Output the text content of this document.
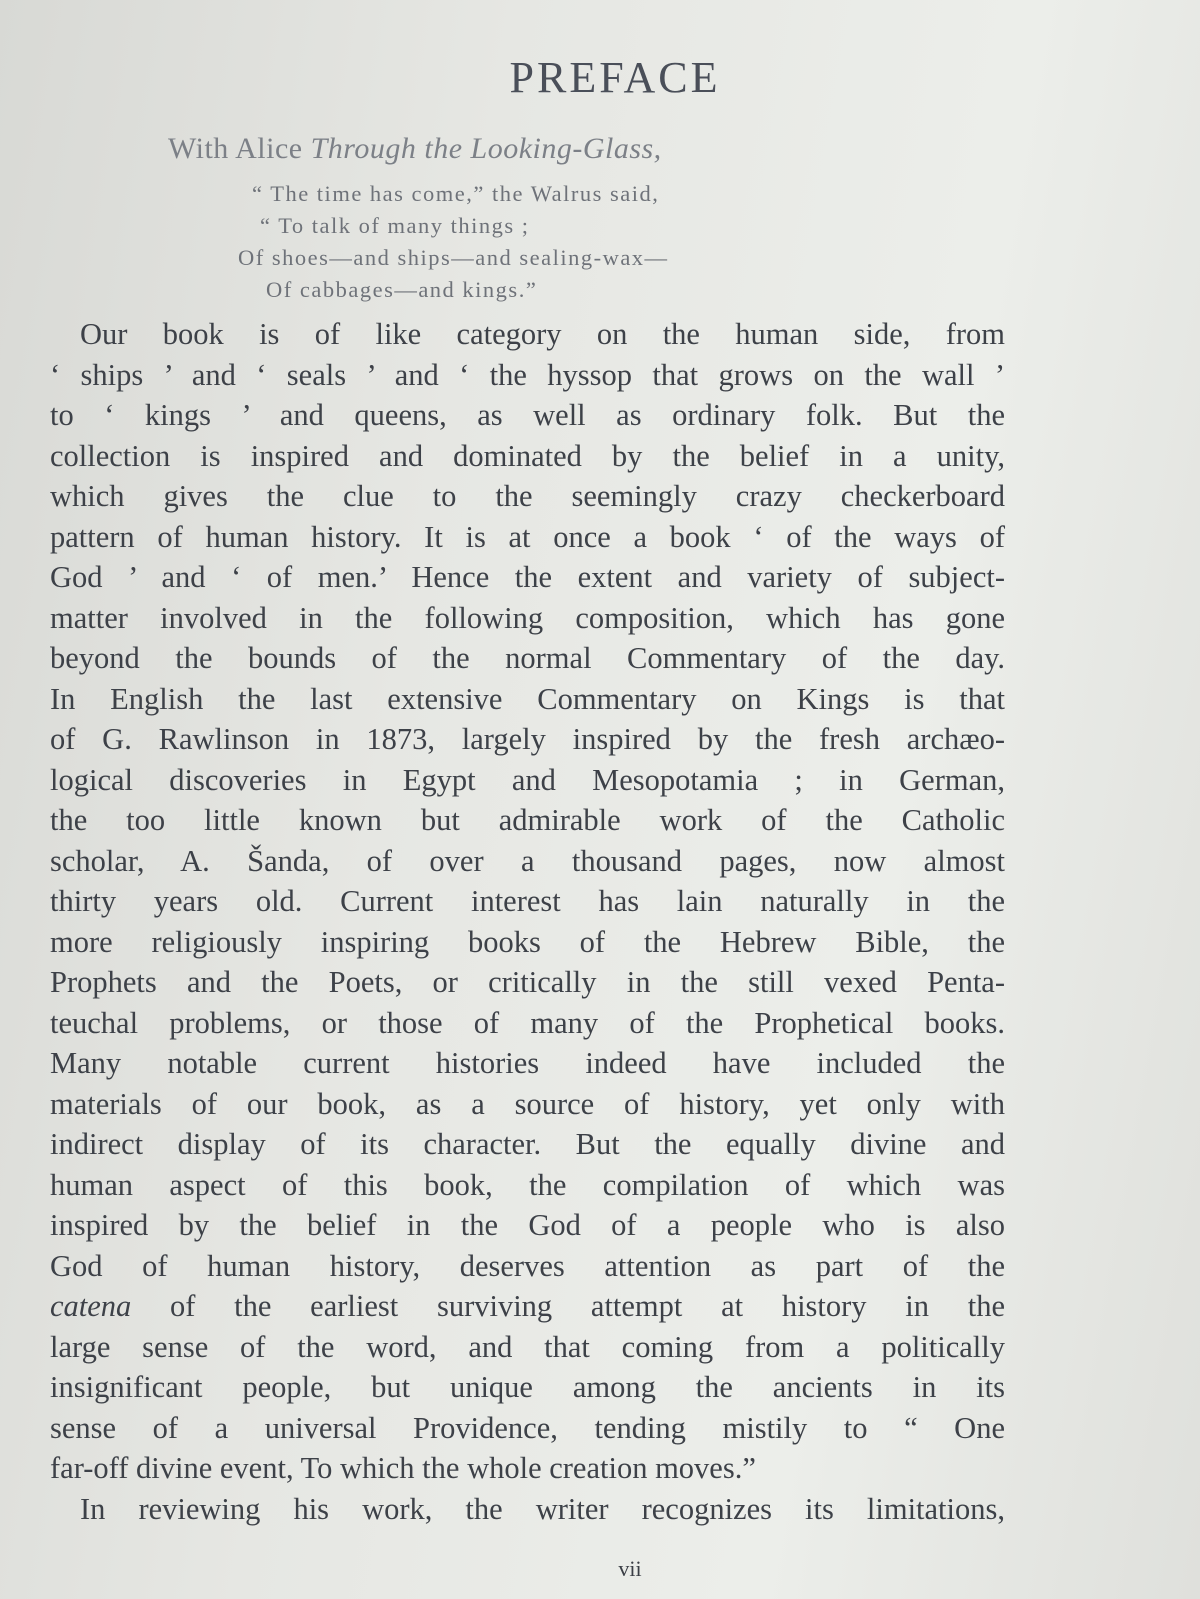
PREFACE
With Alice Through the Looking-Glass,
“ The time has come,” the Walrus said,
“ To talk of many things ;
Of shoes—and ships—and sealing-wax—
Of cabbages—and kings.”
Our book is of like category on the human side, from
‘ ships ’ and ‘ seals ’ and ‘ the hyssop that grows on the wall ’
to ‘ kings ’ and queens, as well as ordinary folk. But the
collection is inspired and dominated by the belief in a unity,
which gives the clue to the seemingly crazy checkerboard
pattern of human history. It is at once a book ‘ of the ways of
God ’ and ‘ of men.’ Hence the extent and variety of subject-
matter involved in the following composition, which has gone
beyond the bounds of the normal Commentary of the day.
In English the last extensive Commentary on Kings is that
of G. Rawlinson in 1873, largely inspired by the fresh archæo-
logical discoveries in Egypt and Mesopotamia ; in German,
the too little known but admirable work of the Catholic
scholar, A. Šanda, of over a thousand pages, now almost
thirty years old. Current interest has lain naturally in the
more religiously inspiring books of the Hebrew Bible, the
Prophets and the Poets, or critically in the still vexed Penta-
teuchal problems, or those of many of the Prophetical books.
Many notable current histories indeed have included the
materials of our book, as a source of history, yet only with
indirect display of its character. But the equally divine and
human aspect of this book, the compilation of which was
inspired by the belief in the God of a people who is also
God of human history, deserves attention as part of the
catena of the earliest surviving attempt at history in the
large sense of the word, and that coming from a politically
insignificant people, but unique among the ancients in its
sense of a universal Providence, tending mistily to “ One
far-off divine event, To which the whole creation moves.”
In reviewing his work, the writer recognizes its limitations,
vii
